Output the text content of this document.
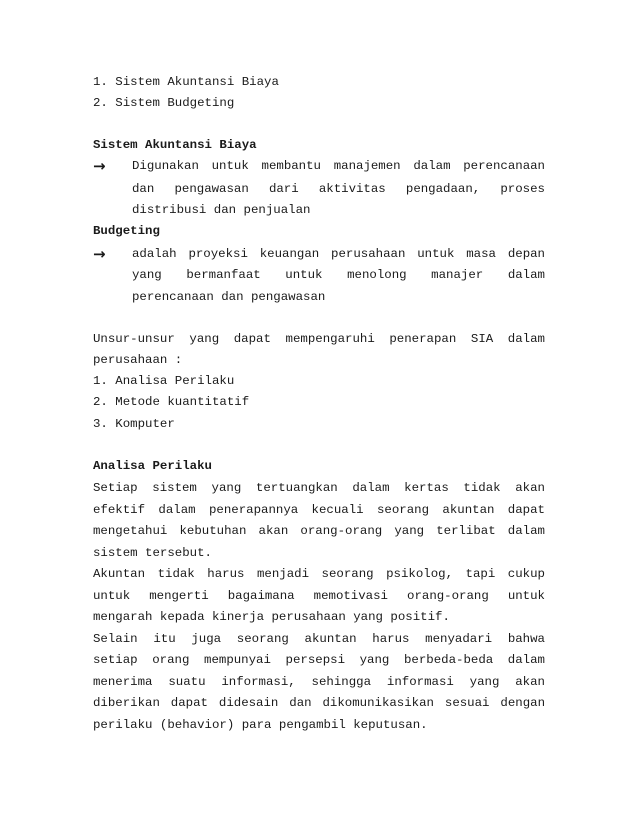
1. Sistem Akuntansi Biaya
2. Sistem Budgeting
Sistem Akuntansi Biaya
→	Digunakan untuk membantu manajemen dalam perencanaan
dan pengawasan dari aktivitas pengadaan, proses
distribusi dan penjualan
Budgeting
→	adalah proyeksi keuangan perusahaan untuk masa depan
yang bermanfaat untuk menolong manajer dalam
perencanaan dan pengawasan
Unsur-unsur yang dapat mempengaruhi penerapan SIA dalam
perusahaan :
1. Analisa Perilaku
2. Metode kuantitatif
3. Komputer
Analisa Perilaku
Setiap sistem yang tertuangkan dalam kertas tidak akan
efektif dalam penerapannya kecuali seorang akuntan dapat
mengetahui kebutuhan akan orang-orang yang terlibat dalam
sistem tersebut.
Akuntan tidak harus menjadi seorang psikolog, tapi cukup
untuk mengerti bagaimana memotivasi orang-orang untuk
mengarah kepada kinerja perusahaan yang positif.
Selain itu juga seorang akuntan harus menyadari bahwa
setiap orang mempunyai persepsi yang berbeda-beda dalam
menerima suatu informasi, sehingga informasi yang akan
diberikan dapat didesain dan dikomunikasikan sesuai dengan
perilaku (behavior) para pengambil keputusan.
